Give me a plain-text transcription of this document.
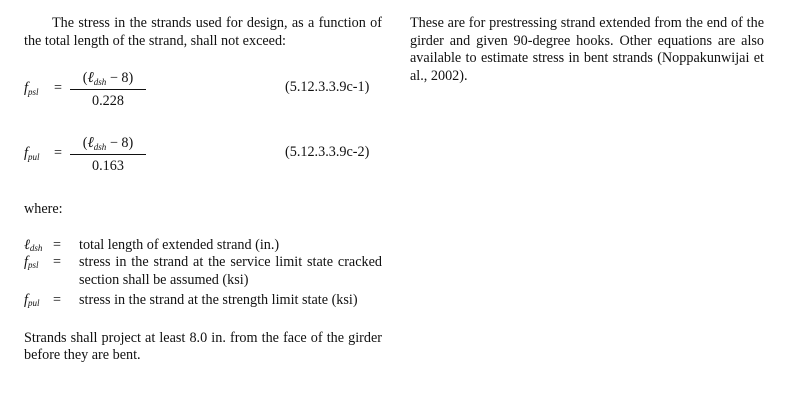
The stress in the strands used for design, as a function of the total length of the strand, shall not exceed:

$f_{psl}$ =
(ℓ$_{dsh}$ − 8)
0.228
(5.12.3.3.9c-1)
$f_{pul}$ =
(ℓ$_{dsh}$ − 8)
0.163
(5.12.3.3.9c-2)

where:

ℓ$_{dsh}$ = total length of extended strand (in.)
$f_{psl}$ = stress in the strand at the service limit state cracked section shall be assumed (ksi)
$f_{pul}$ = stress in the strand at the strength limit state (ksi)

Strands shall project at least 8.0 in. from the face of the girder before they are bent.

These are for prestressing strand extended from the end of the girder and given 90-degree hooks. Other equations are also available to estimate stress in bent strands (Noppakunwijai et al., 2002).
